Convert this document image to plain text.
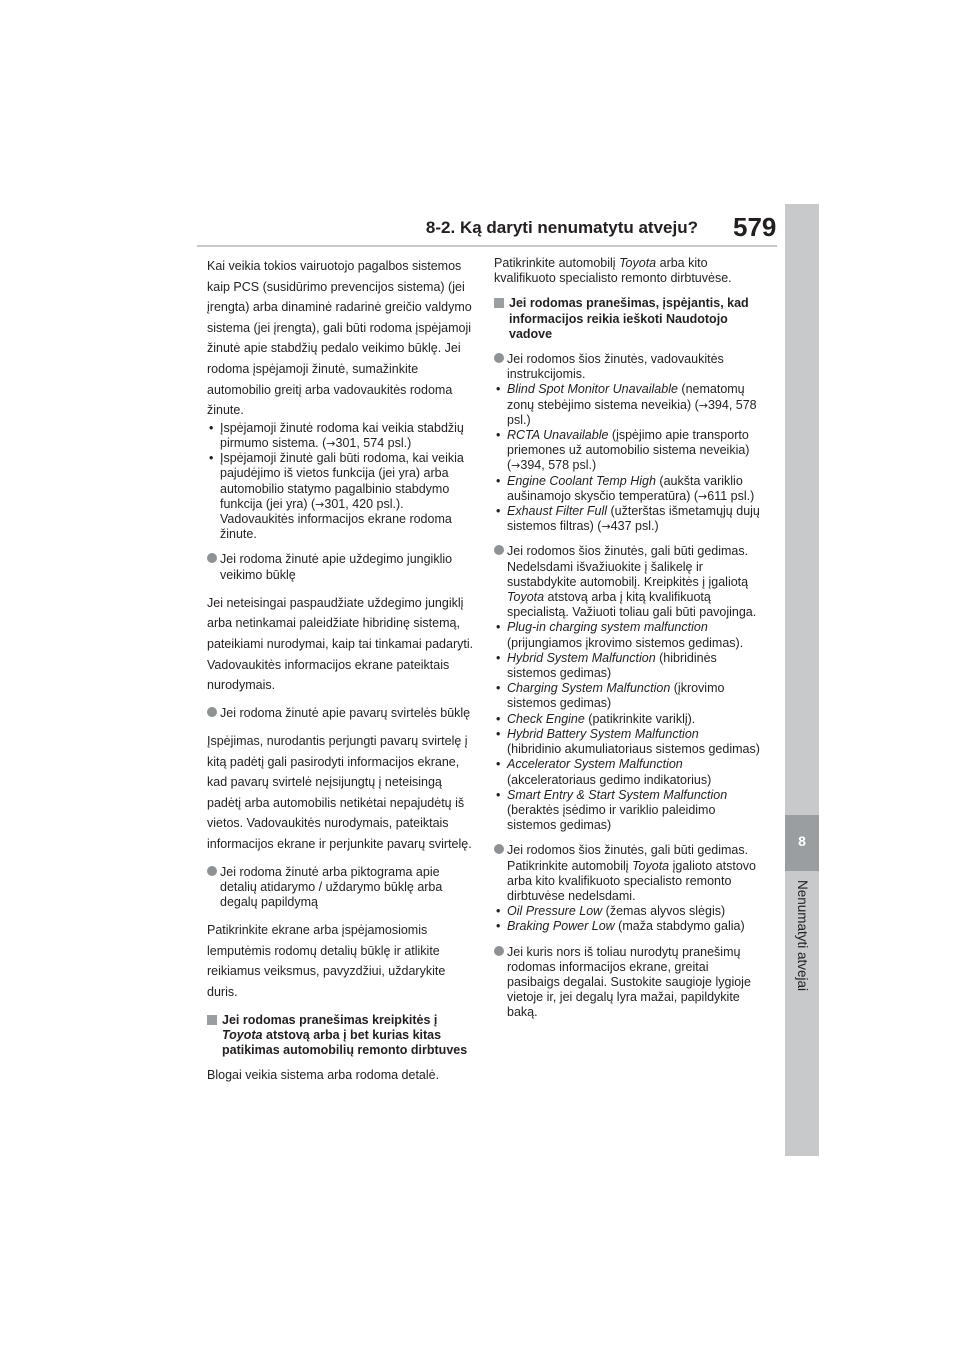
8-2. Ką daryti nenumatytu atveju? 579
8
Nenumatyti atvejai

Kai veikia tokios vairuotojo pagalbos sistemos kaip PCS (susidūrimo prevencijos sistema) (jei įrengta) arba dinaminė radarinė greičio valdymo sistema (jei įrengta), gali būti rodoma įspėjamoji žinutė apie stabdžių pedalo veikimo būklę. Jei rodoma įspėjamoji žinutė, sumažinkite automobilio greitį arba vadovaukitės rodoma žinute.

• Įspėjamoji žinutė rodoma kai veikia stabdžių pirmumo sistema. (→301, 574 psl.)

• Įspėjamoji žinutė gali būti rodoma, kai veikia pajudėjimo iš vietos funkcija (jei yra) arba automobilio statymo pagalbinio stabdymo funkcija (jei yra) (→301, 420 psl.). Vadovaukitės informacijos ekrane rodoma žinute.

Jei rodoma žinutė apie uždegimo jungiklio veikimo būklę

Jei neteisingai paspaudžiate uždegimo jungiklį arba netinkamai paleidžiate hibridinę sistemą, pateikiami nurodymai, kaip tai tinkamai padaryti. Vadovaukitės informacijos ekrane pateiktais nurodymais.

Jei rodoma žinutė apie pavarų svirtelės būklę

Įspėjimas, nurodantis perjungti pavarų svirtelę į kitą padėtį gali pasirodyti informacijos ekrane, kad pavarų svirtelė neįsijungtų į neteisingą padėtį arba automobilis netikėtai nepajudėtų iš vietos. Vadovaukitės nurodymais, pateiktais informacijos ekrane ir perjunkite pavarų svirtelę.

Jei rodoma žinutė arba piktograma apie detalių atidarymo / uždarymo būklę arba degalų papildymą

Patikrinkite ekrane arba įspėjamosiomis lemputėmis rodomų detalių būklę ir atlikite reikiamus veiksmus, pavyzdžiui, uždarykite duris.

Jei rodomas pranešimas kreipkitės į Toyota atstovą arba į bet kurias kitas patikimas automobilių remonto dirbtuves

Blogai veikia sistema arba rodoma detalė.

Patikrinkite automobilį Toyota arba kito kvalifikuoto specialisto remonto dirbtuvėse.

Jei rodomas pranešimas, įspėjantis, kad informacijos reikia ieškoti Naudotojo vadove

Jei rodomos šios žinutės, vadovaukitės instrukcijomis.

• Blind Spot Monitor Unavailable (nematomų zonų stebėjimo sistema neveikia) (→394, 578 psl.)

• RCTA Unavailable (įspėjimo apie transporto priemones už automobilio sistema neveikia) (→394, 578 psl.)

• Engine Coolant Temp High (aukšta variklio aušinamojo skysčio temperatūra) (→611 psl.)

• Exhaust Filter Full (užterštas išmetamųjų dujų sistemos filtras) (→437 psl.)

Jei rodomos šios žinutės, gali būti gedimas. Nedelsdami išvažiuokite į šalikelę ir sustabdykite automobilį. Kreipkitės į įgaliotą Toyota atstovą arba į kitą kvalifikuotą specialistą. Važiuoti toliau gali būti pavojinga.

• Plug-in charging system malfunction
(prijungiamos įkrovimo sistemos gedimas).

• Hybrid System Malfunction (hibridinės sistemos gedimas)

• Charging System Malfunction (įkrovimo sistemos gedimas)

• Check Engine (patikrinkite variklį).

• Hybrid Battery System Malfunction
(hibridinio akumuliatoriaus sistemos gedimas)

• Accelerator System Malfunction
(akceleratoriaus gedimo indikatorius)

• Smart Entry & Start System Malfunction
(beraktės įsėdimo ir variklio paleidimo sistemos gedimas)

Jei rodomos šios žinutės, gali būti gedimas. Patikrinkite automobilį Toyota įgalioto atstovo arba kito kvalifikuoto specialisto remonto dirbtuvėse nedelsdami.

• Oil Pressure Low (žemas alyvos slėgis)

• Braking Power Low (maža stabdymo galia)

Jei kuris nors iš toliau nurodytų pranešimų rodomas informacijos ekrane, greitai pasibaigs degalai. Sustokite saugioje lygioje vietoje ir, jei degalų lyra mažai, papildykite baką.
